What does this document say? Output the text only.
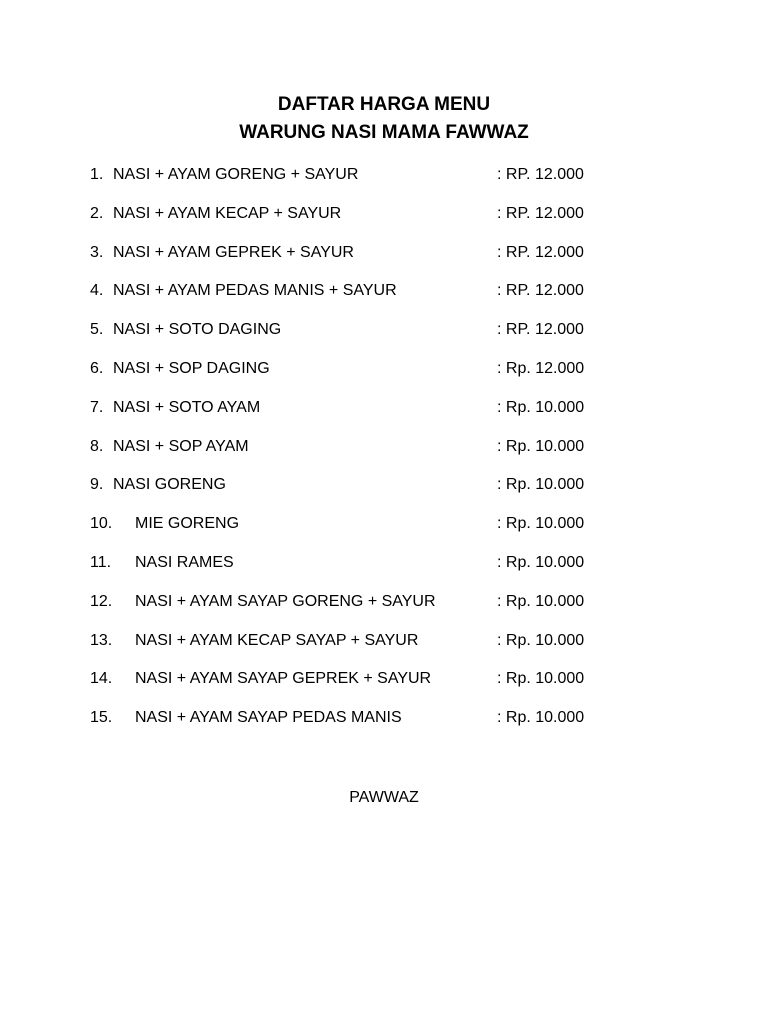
DAFTAR HARGA MENU
WARUNG NASI MAMA FAWWAZ
1. NASI + AYAM GORENG + SAYUR	: RP. 12.000
2. NASI + AYAM KECAP + SAYUR	: RP. 12.000
3. NASI + AYAM GEPREK + SAYUR	: RP. 12.000
4. NASI + AYAM PEDAS MANIS + SAYUR	: RP. 12.000
5. NASI + SOTO DAGING	: RP. 12.000
6. NASI + SOP DAGING	: Rp. 12.000
7. NASI + SOTO AYAM	: Rp. 10.000
8. NASI + SOP AYAM	: Rp. 10.000
9. NASI GORENG	: Rp. 10.000
10. MIE GORENG	: Rp. 10.000
11. NASI RAMES	: Rp. 10.000
12. NASI + AYAM SAYAP GORENG + SAYUR	: Rp. 10.000
13. NASI + AYAM KECAP SAYAP + SAYUR	: Rp. 10.000
14. NASI + AYAM SAYAP GEPREK + SAYUR	: Rp. 10.000
15. NASI + AYAM SAYAP PEDAS MANIS	: Rp. 10.000
PAWWAZ
